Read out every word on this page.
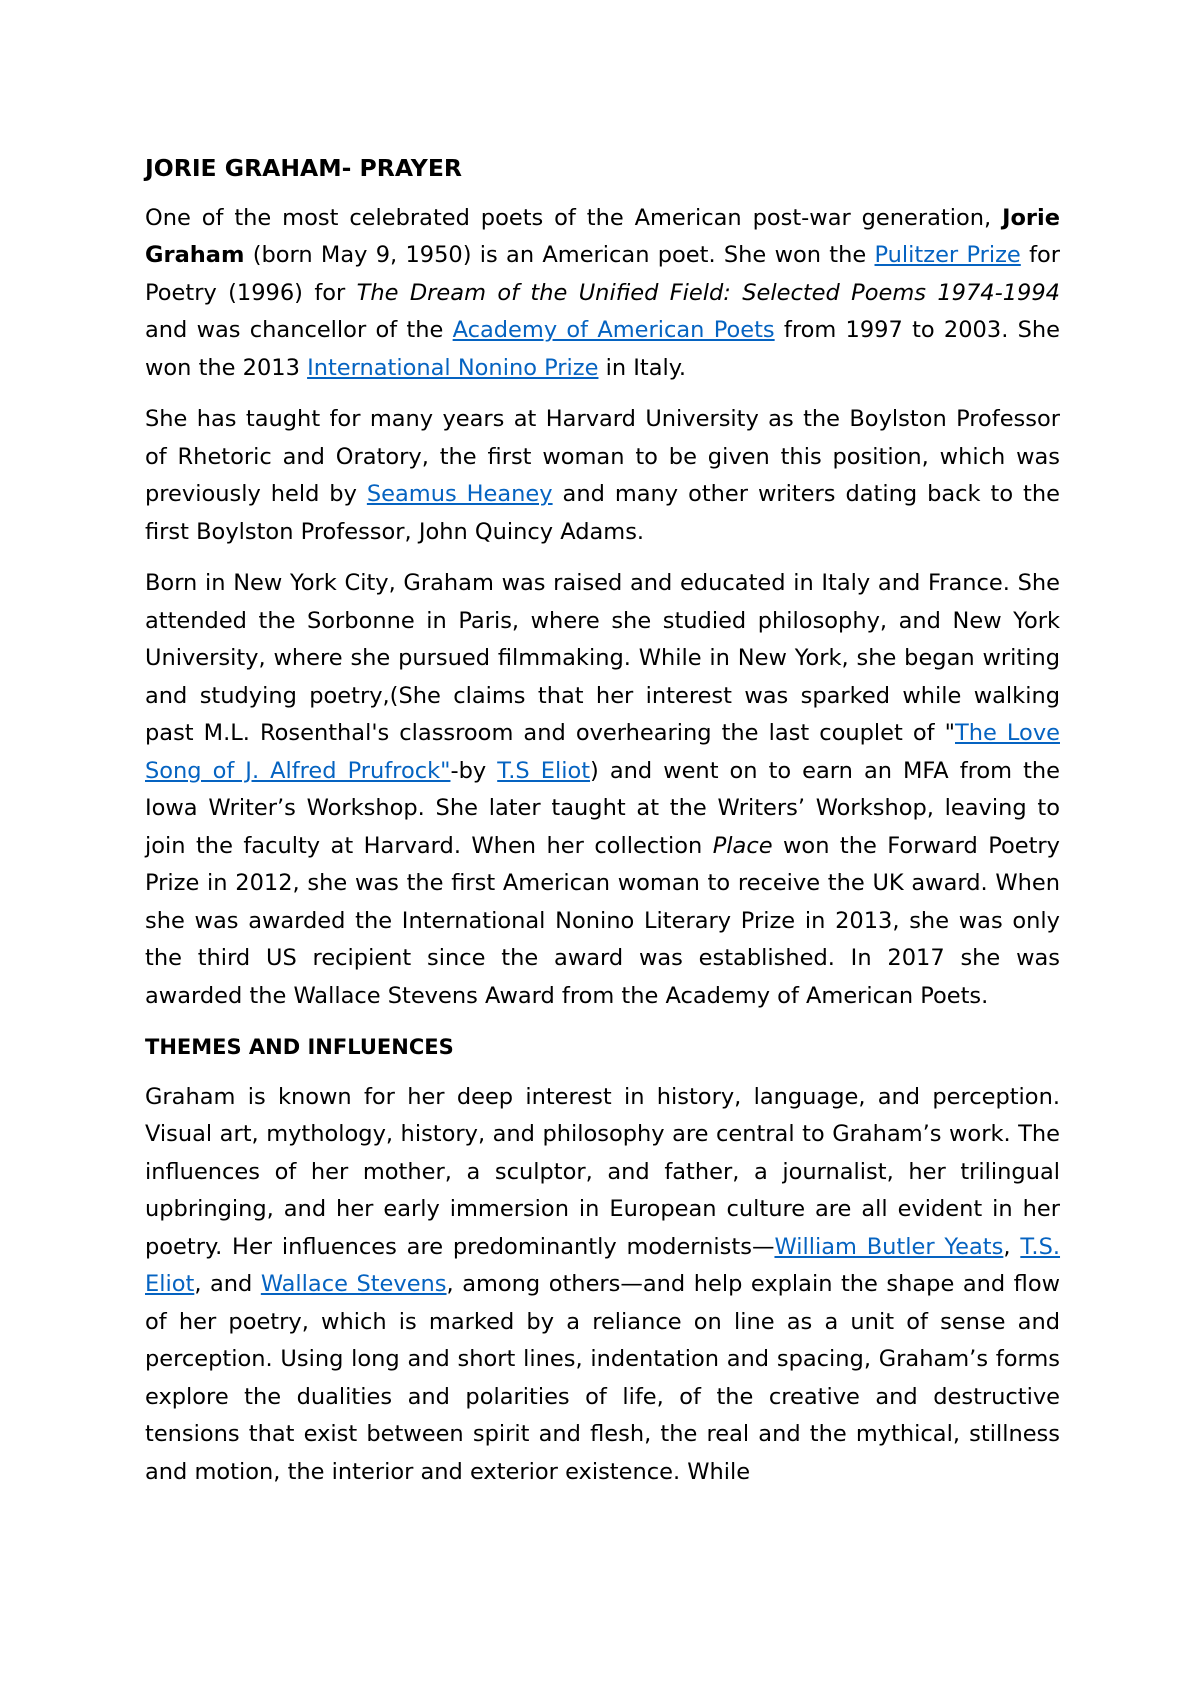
JORIE GRAHAM- PRAYER

One of the most celebrated poets of the American post-war generation, Jorie Graham (born May 9, 1950) is an American poet. She won the Pulitzer Prize for Poetry (1996) for The Dream of the Unified Field: Selected Poems 1974-1994 and was chancellor of the Academy of American Poets from 1997 to 2003. She won the 2013 International Nonino Prize in Italy.

She has taught for many years at Harvard University as the Boylston Professor of Rhetoric and Oratory, the first woman to be given this position, which was previously held by Seamus Heaney and many other writers dating back to the first Boylston Professor, John Quincy Adams.

Born in New York City, Graham was raised and educated in Italy and France. She attended the Sorbonne in Paris, where she studied philosophy, and New York University, where she pursued filmmaking. While in New York, she began writing and studying poetry,(She claims that her interest was sparked while walking past M.L. Rosenthal's classroom and overhearing the last couplet of "The Love Song of J. Alfred Prufrock"-by T.S Eliot) and went on to earn an MFA from the Iowa Writer’s Workshop. She later taught at the Writers’ Workshop, leaving to join the faculty at Harvard. When her collection Place won the Forward Poetry Prize in 2012, she was the first American woman to receive the UK award. When she was awarded the International Nonino Literary Prize in 2013, she was only the third US recipient since the award was established. In 2017 she was awarded the Wallace Stevens Award from the Academy of American Poets.

THEMES AND INFLUENCES

Graham is known for her deep interest in history, language, and perception. Visual art, mythology, history, and philosophy are central to Graham’s work. The influences of her mother, a sculptor, and father, a journalist, her trilingual upbringing, and her early immersion in European culture are all evident in her poetry. Her influences are predominantly modernists—William Butler Yeats, T.S. Eliot, and Wallace Stevens, among others—and help explain the shape and flow of her poetry, which is marked by a reliance on line as a unit of sense and perception. Using long and short lines, indentation and spacing, Graham’s forms explore the dualities and polarities of life, of the creative and destructive tensions that exist between spirit and flesh, the real and the mythical, stillness and motion, the interior and exterior existence. While
